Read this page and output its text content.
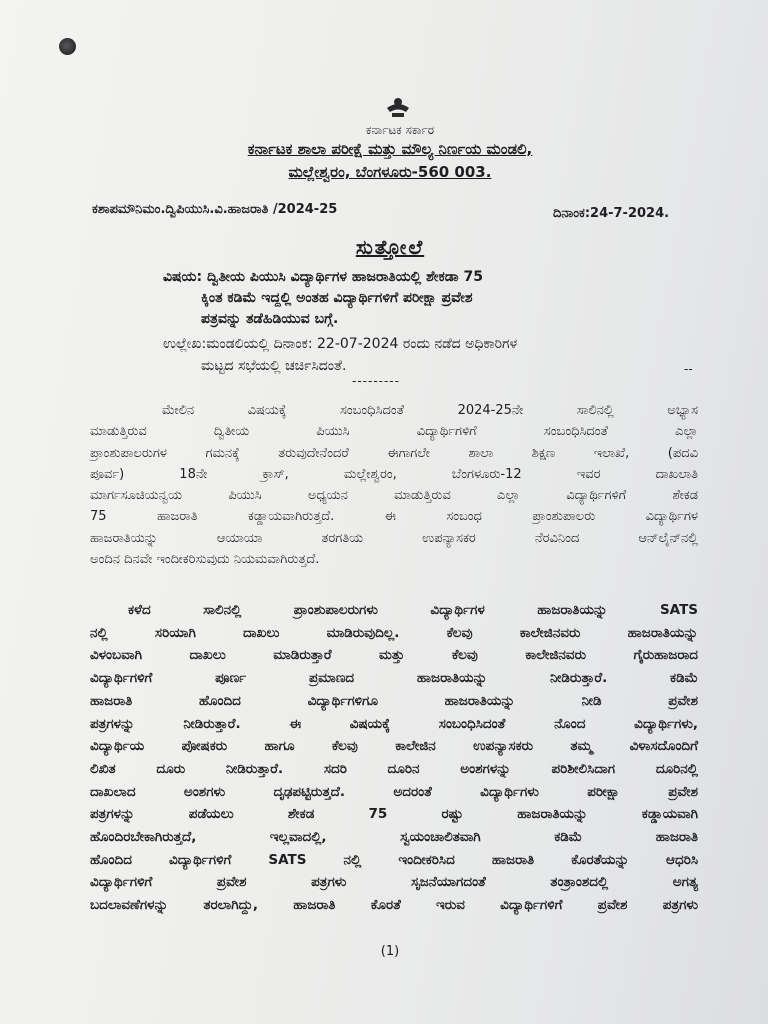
ಕರ್ನಾಟಕ ಸರ್ಕಾರ
ಕರ್ನಾಟಕ ಶಾಲಾ ಪರೀಕ್ಷೆ ಮತ್ತು ಮೌಲ್ಯ ನಿರ್ಣಯ ಮಂಡಲಿ,
ಮಲ್ಲೇಶ್ವರಂ, ಬೆಂಗಳೂರು-560 003.
ಕಶಾಪಮೌನಿಮಂ.ದ್ವಿಪಿಯುಸಿ.ವಿ.ಹಾಜರಾತಿ /2024-25	ದಿನಾಂಕ:24-7-2024.
ಸುತ್ತೋಲೆ
ವಿಷಯ: ದ್ವಿತೀಯ ಪಿಯುಸಿ ವಿದ್ಯಾರ್ಥಿಗಳ ಹಾಜರಾತಿಯಲ್ಲಿ ಶೇಕಡಾ 75
ಕ್ಕಿಂತ ಕಡಿಮೆ ಇದ್ದಲ್ಲಿ ಅಂತಹ ವಿದ್ಯಾರ್ಥಿಗಳಿಗೆ ಪರೀಕ್ಷಾ ಪ್ರವೇಶ
ಪತ್ರವನ್ನು ತಡೆಹಿಡಿಯುವ ಬಗ್ಗೆ.
ಉಲ್ಲೇಖ:ಮಂಡಲಿಯಲ್ಲಿ ದಿನಾಂಕ: 22-07-2024 ರಂದು ನಡೆದ ಅಧಿಕಾರಿಗಳ
ಮಟ್ಟದ ಸಭೆಯಲ್ಲಿ ಚರ್ಚಿಸಿದಂತೆ.	--
---------
ಮೇಲಿನ ವಿಷಯಕ್ಕೆ ಸಂಬಂಧಿಸಿದಂತೆ 2024-25ನೇ ಸಾಲಿನಲ್ಲಿ ಅಭ್ಯಾಸ
ಮಾಡುತ್ತಿರುವ ದ್ವಿತೀಯ ಪಿಯುಸಿ ವಿದ್ಯಾರ್ಥಿಗಳಿಗೆ ಸಂಬಂಧಿಸಿದಂತೆ ಎಲ್ಲಾ
ಪ್ರಾಂಶುಪಾಲರುಗಳ ಗಮನಕ್ಕೆ ತರುವುದೇನೆಂದರೆ ಈಗಾಗಲೇ ಶಾಲಾ ಶಿಕ್ಷಣ ಇಲಾಖೆ, (ಪದವಿ
ಪೂರ್ವ) 18ನೇ ಕ್ರಾಸ್, ಮಲ್ಲೇಶ್ವರಂ, ಬೆಂಗಳೂರು-12 ಇವರ ದಾಖಲಾತಿ
ಮಾರ್ಗಸೂಚಿಯನ್ವಯ ಪಿಯುಸಿ ಅಧ್ಯಯನ ಮಾಡುತ್ತಿರುವ ಎಲ್ಲಾ ವಿದ್ಯಾರ್ಥಿಗಳಿಗೆ ಶೇಕಡ
75 ಹಾಜರಾತಿ ಕಡ್ಡಾಯವಾಗಿರುತ್ತದೆ. ಈ ಸಂಬಂಧ ಪ್ರಾಂಶುಪಾಲರು ವಿದ್ಯಾರ್ಥಿಗಳ
ಹಾಜರಾತಿಯನ್ನು ಆಯಾಯಾ ತರಗತಿಯ ಉಪನ್ಯಾಸಕರ ನೆರವಿನಿಂದ ಆನ್‌ಲೈನ್‌ನಲ್ಲಿ
ಅಂದಿನ ದಿನವೇ ಇಂದೀಕರಿಸುವುದು ನಿಯಮವಾಗಿರುತ್ತದೆ.
ಕಳೆದ ಸಾಲಿನಲ್ಲಿ ಪ್ರಾಂಶುಪಾಲರುಗಳು ವಿದ್ಯಾರ್ಥಿಗಳ ಹಾಜರಾತಿಯನ್ನು SATS
ನಲ್ಲಿ ಸರಿಯಾಗಿ ದಾಖಲು ಮಾಡಿರುವುದಿಲ್ಲ. ಕೆಲವು ಕಾಲೇಜಿನವರು ಹಾಜರಾತಿಯನ್ನು
ವಿಳಂಬವಾಗಿ ದಾಖಲು ಮಾಡಿರುತ್ತಾರೆ ಮತ್ತು ಕೆಲವು ಕಾಲೇಜಿನವರು ಗೈರುಹಾಜರಾದ
ವಿದ್ಯಾರ್ಥಿಗಳಿಗೆ ಪೂರ್ಣ ಪ್ರಮಾಣದ ಹಾಜರಾತಿಯನ್ನು ನೀಡಿರುತ್ತಾರೆ. ಕಡಿಮೆ
ಹಾಜರಾತಿ ಹೊಂದಿದ ವಿದ್ಯಾರ್ಥಿಗಳಿಗೂ ಹಾಜರಾತಿಯನ್ನು ನೀಡಿ ಪ್ರವೇಶ
ಪತ್ರಗಳನ್ನು ನೀಡಿರುತ್ತಾರೆ. ಈ ವಿಷಯಕ್ಕೆ ಸಂಬಂಧಿಸಿದಂತೆ ನೊಂದ ವಿದ್ಯಾರ್ಥಿಗಳು,
ವಿದ್ಯಾರ್ಥಿಯ ಪೋಷಕರು ಹಾಗೂ ಕೆಲವು ಕಾಲೇಜಿನ ಉಪನ್ಯಾಸಕರು ತಮ್ಮ ವಿಳಾಸದೊಂದಿಗೆ
ಲಿಖಿತ ದೂರು ನೀಡಿರುತ್ತಾರೆ. ಸದರಿ ದೂರಿನ ಅಂಶಗಳನ್ನು ಪರಿಶೀಲಿಸಿದಾಗ ದೂರಿನಲ್ಲಿ
ದಾಖಲಾದ ಅಂಶಗಳು ದೃಢಪಟ್ಟಿರುತ್ತದೆ. ಅದರಂತೆ ವಿದ್ಯಾರ್ಥಿಗಳು ಪರೀಕ್ಷಾ ಪ್ರವೇಶ
ಪತ್ರಗಳನ್ನು ಪಡೆಯಲು ಶೇಕಡ 75 ರಷ್ಟು ಹಾಜರಾತಿಯನ್ನು ಕಡ್ಡಾಯವಾಗಿ
ಹೊಂದಿರಬೇಕಾಗಿರುತ್ತದೆ, ಇಲ್ಲವಾದಲ್ಲಿ, ಸ್ವಯಂಚಾಲಿತವಾಗಿ ಕಡಿಮೆ ಹಾಜರಾತಿ
ಹೊಂದಿದ ವಿದ್ಯಾರ್ಥಿಗಳಿಗೆ SATS ನಲ್ಲಿ ಇಂದೀಕರಿಸಿದ ಹಾಜರಾತಿ ಕೊರತೆಯನ್ನು ಆಧರಿಸಿ
ವಿದ್ಯಾರ್ಥಿಗಳಿಗೆ ಪ್ರವೇಶ ಪತ್ರಗಳು ಸೃಜನೆಯಾಗದಂತೆ ತಂತ್ರಾಂಶದಲ್ಲಿ ಅಗತ್ಯ
ಬದಲಾವಣೆಗಳನ್ನು ತರಲಾಗಿದ್ದು, ಹಾಜರಾತಿ ಕೊರತೆ ಇರುವ ವಿದ್ಯಾರ್ಥಿಗಳಿಗೆ ಪ್ರವೇಶ ಪತ್ರಗಳು
(1)
